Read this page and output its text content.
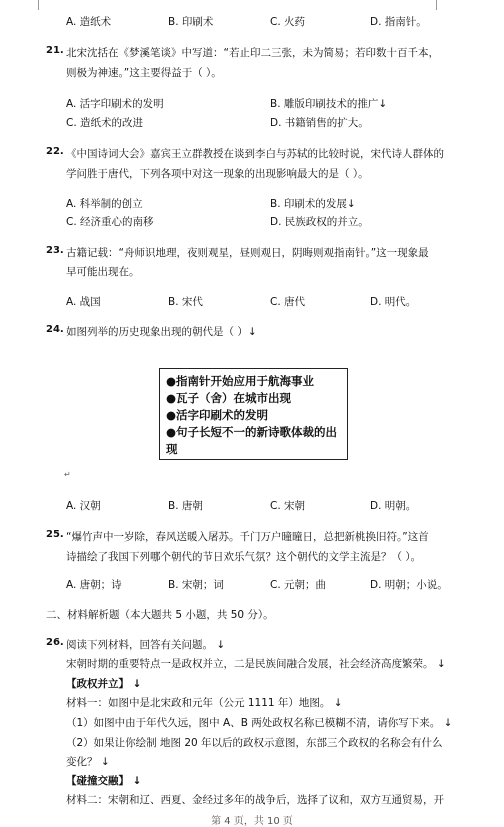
A. 造纸术	B. 印刷术	C. 火药	D. 指南针。
21. 北宋沈括在《梦溪笔谈》中写道：“若止印二三张，未为简易；若印数十百千本，
则极为神速。”这主要得益于（ ）。
A. 活字印刷术的发明	B. 雕版印刷技术的推广↓
C. 造纸术的改进	D. 书籍销售的扩大。
22. 《中国诗词大会》嘉宾王立群教授在谈到李白与苏轼的比较时说，宋代诗人群体的
学问胜于唐代，下列各项中对这一现象的出现影响最大的是（ ）。
A. 科举制的创立	B. 印刷术的发展↓
C. 经济重心的南移	D. 民族政权的并立。
23. 古籍记载：“舟师识地理，夜则观星，昼则观日，阴晦则观指南针。”这一现象最
早可能出现在。
A. 战国	B. 宋代	C. 唐代	D. 明代。
24. 如图列举的历史现象出现的朝代是（ ）↓
●指南针开始应用于航海事业
●瓦子（舍）在城市出现
●活字印刷术的发明
●句子长短不一的新诗歌体裁的出现
↵
A. 汉朝	B. 唐朝	C. 宋朝	D. 明朝。
25. “爆竹声中一岁除，春风送暖入屠苏。千门万户曈曈日，总把新桃换旧符。”这首
诗描绘了我国下列哪个朝代的节日欢乐气氛？这个朝代的文学主流是？（ ）。
A. 唐朝；诗	B. 宋朝；词	C. 元朝；曲	D. 明朝；小说。
二、材料解析题（本大题共 5 小题，共 50 分）。
26. 阅读下列材料，回答有关问题。 ↓
宋朝时期的重要特点一是政权并立，二是民族间融合发展，社会经济高度繁荣。 ↓
【政权并立】 ↓
材料一：如图中是北宋政和元年（公元 1111 年）地图。 ↓
（1）如图中由于年代久远，图中 A、B 两处政权名称已模糊不清，请你写下来。 ↓
（2）如果让你绘制 地图 20 年以后的政权示意图，东部三个政权的名称会有什么
变化？ ↓
【碰撞交融】 ↓
材料二：宋朝和辽、西夏、金经过多年的战争后，选择了议和，双方互通贸易，开
第 4 页，共 10 页
